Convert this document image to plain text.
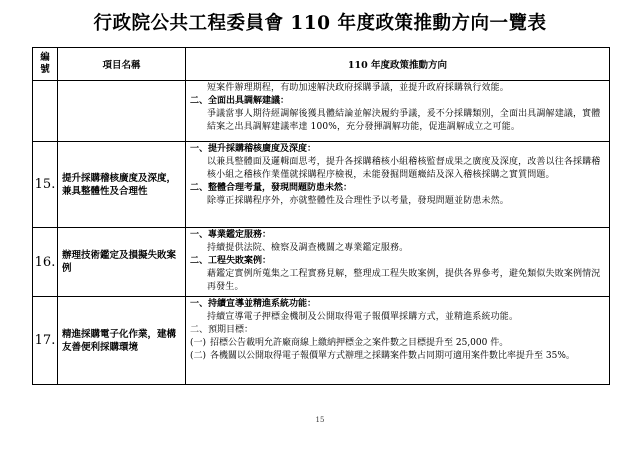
行政院公共工程委員會 110 年度政策推動方向一覽表
編號	項目名稱	110 年度政策推動方向

		短案件辦理期程，有助加速解決政府採購爭議，並提升政府採購執行效能。
二、全面出具調解建議：
爭議當事人期待經調解後獲具體結論並解決履約爭議，爰不分採購類別，全面出具調解建議，實體結案之出具調解建議率達 100%，充分發揮調解功能，促進調解成立之可能。

15.	提升採購稽核廣度及深度，兼具整體性及合理性	一、提升採購稽核廣度及深度：
以兼具整體面及邏輯面思考，提升各採購稽核小組稽核監督成果之廣度及深度，改善以往各採購稽核小組之稽核作業僅就採購程序檢視，未能發掘問題癥結及深入稽核採購之實質問題。
二、整體合理考量，發現問題防患未然：
除導正採購程序外，亦就整體性及合理性予以考量，發現問題並防患未然。

16.	辦理技術鑑定及損擬失敗案例	一、專業鑑定服務：
持續提供法院、檢察及調查機關之專業鑑定服務。
二、工程失敗案例：
藉鑑定實例所蒐集之工程實務見解，整理成工程失敗案例，提供各界參考，避免類似失敗案例情況再發生。

17.	精進採購電子化作業，建構友善便利採購環境	一、持續宣導並精進系統功能：
持續宣導電子押標金機制及公開取得電子報價單採購方式，並精進系統功能。
二、預期目標：
(一) 招標公告載明允許廠商線上繳納押標金之案件數之目標提升至 25,000 件。
(二) 各機關以公開取得電子報價單方式辦理之採購案件數占同期可適用案件數比率提升至 35%。
15
